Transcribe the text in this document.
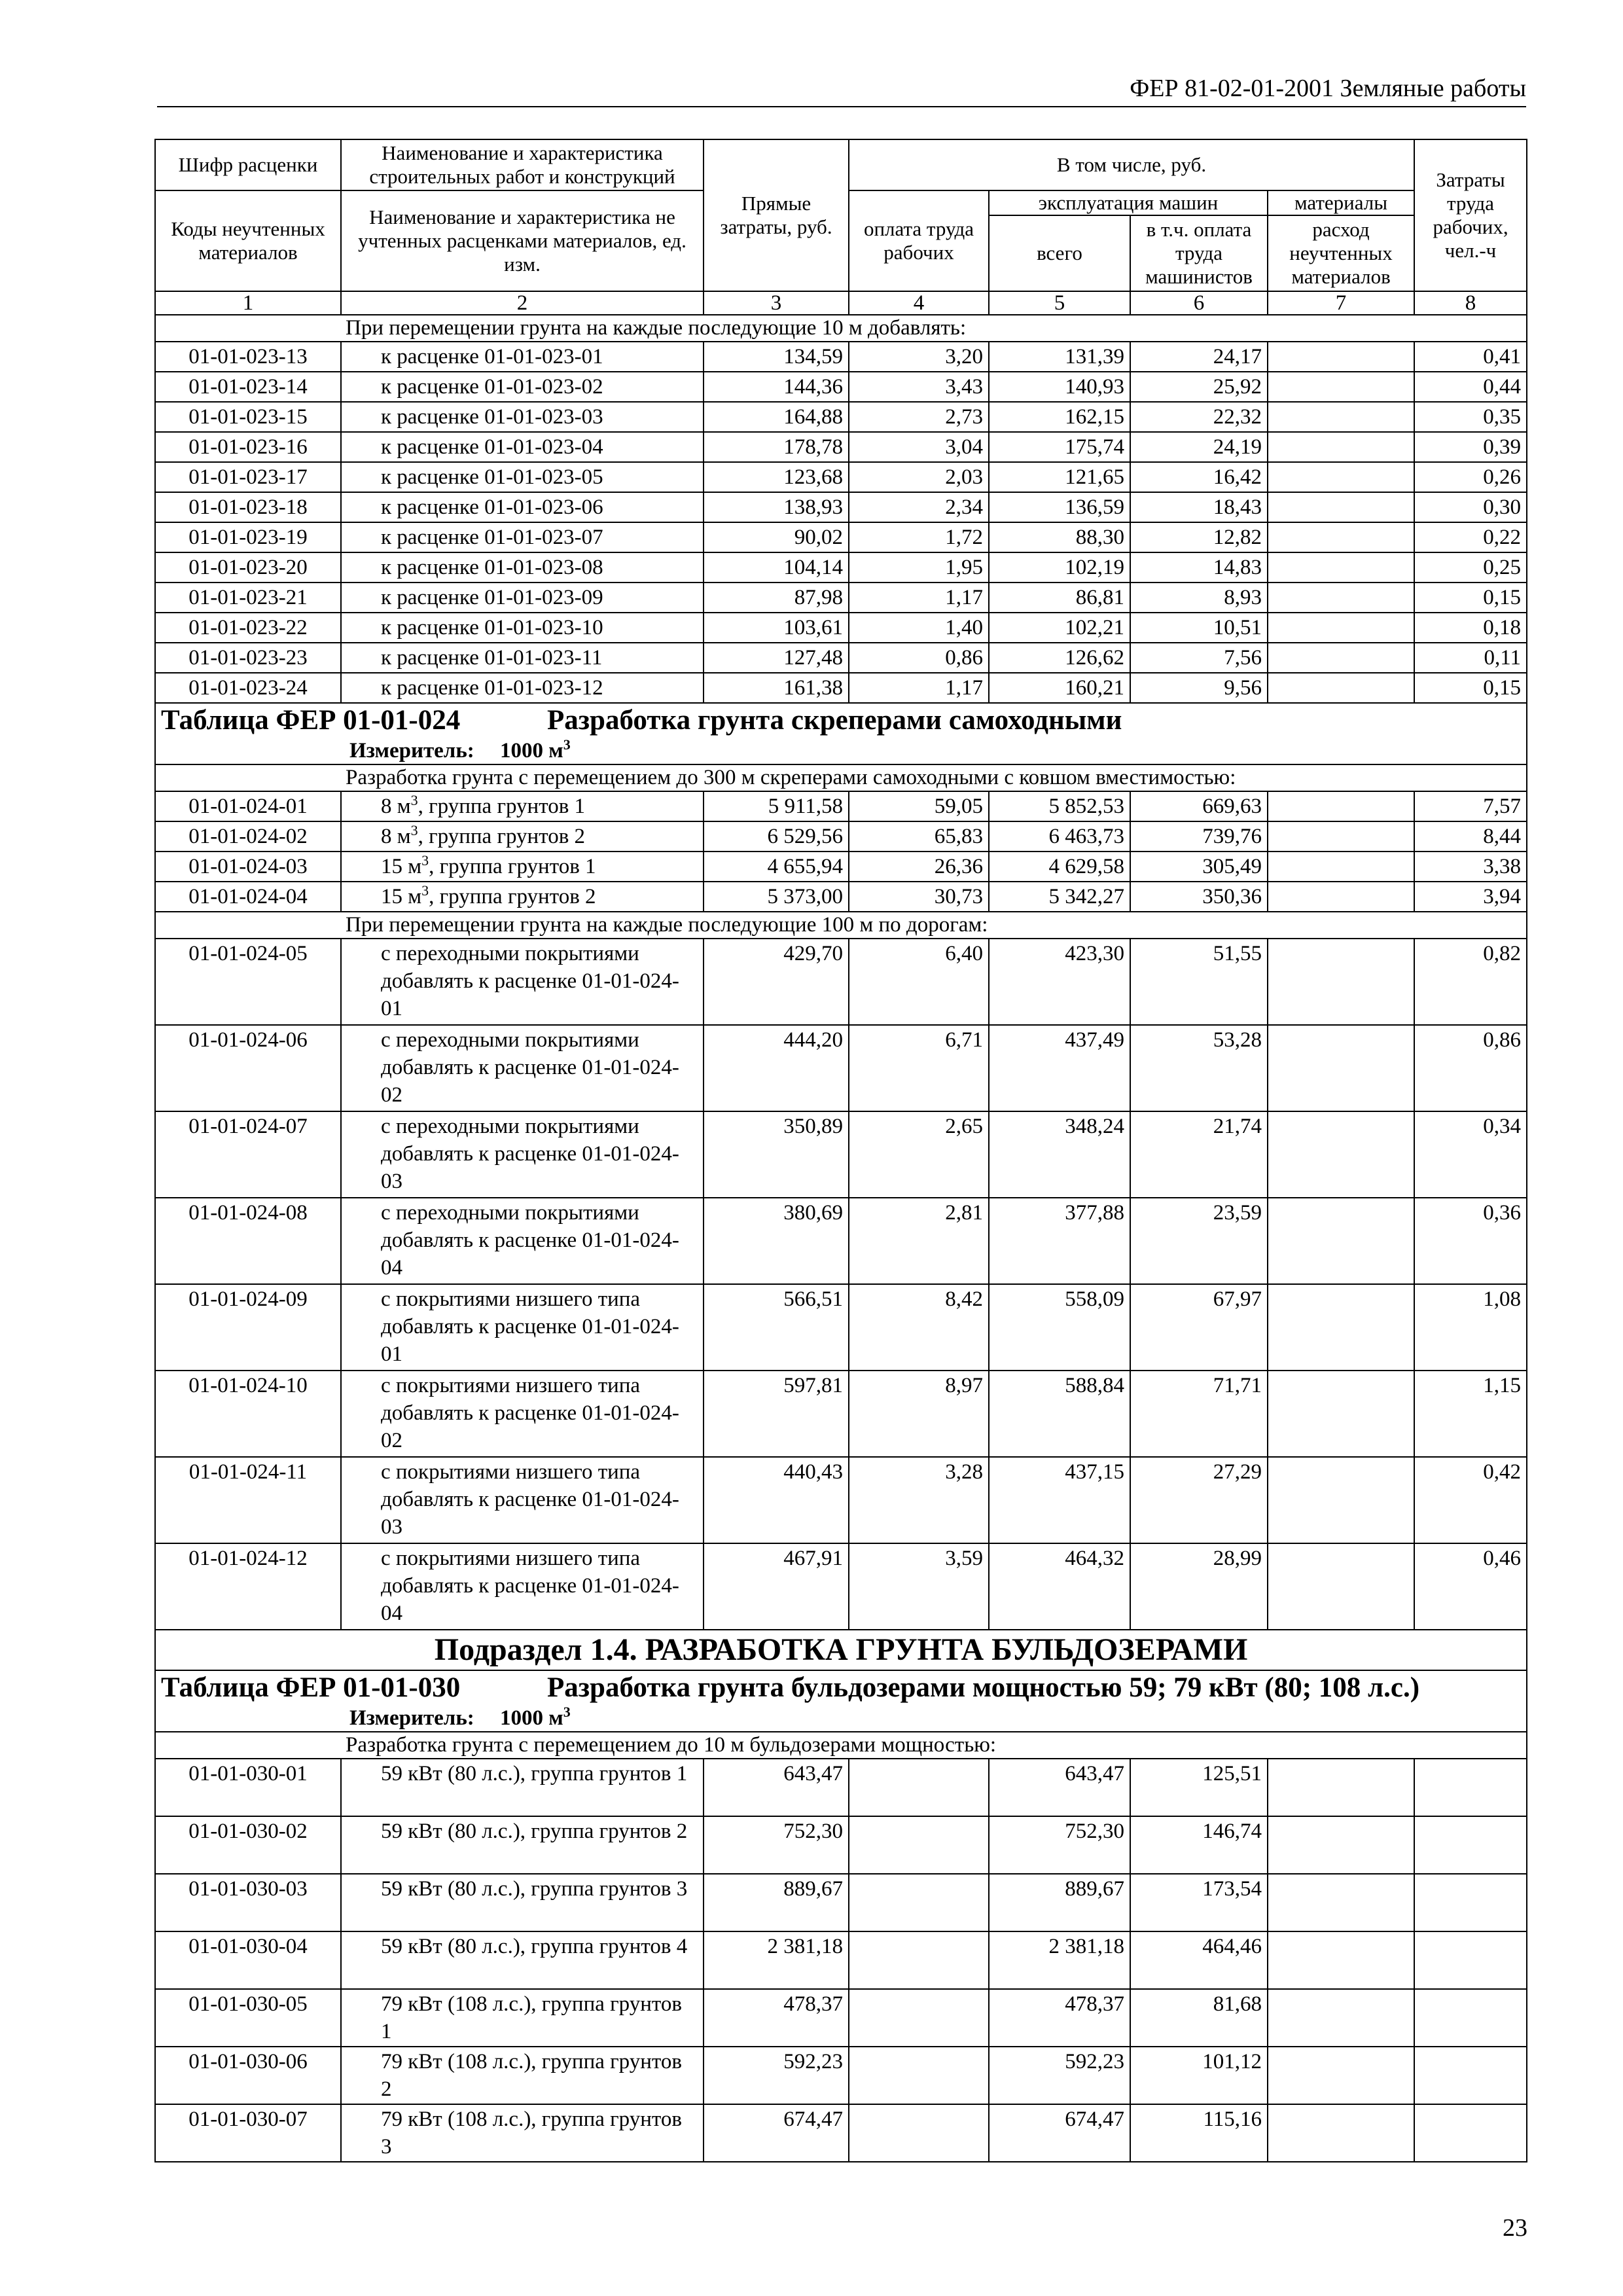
ФЕР 81-02-01-2001 Земляные работы
Шифр расценки	Наименование и характеристика строительных работ и конструкций	Прямые затраты, руб.	В том числе, руб.				Затраты труда рабочих, чел.-ч
Коды неучтенных материалов	Наименование и характеристика не учтенных расценками материалов, ед. изм.		оплата труда рабочих	эксплуатация машин		материалы	
				всего	в т.ч. оплата труда машинистов	расход неучтенных материалов	
1	2	3	4	5	6	7	8
При перемещении грунта на каждые последующие 10 м добавлять:							
01-01-023-13	к расценке 01-01-023-01	134,59	3,20	131,39	24,17		0,41
01-01-023-14	к расценке 01-01-023-02	144,36	3,43	140,93	25,92		0,44
01-01-023-15	к расценке 01-01-023-03	164,88	2,73	162,15	22,32		0,35
01-01-023-16	к расценке 01-01-023-04	178,78	3,04	175,74	24,19		0,39
01-01-023-17	к расценке 01-01-023-05	123,68	2,03	121,65	16,42		0,26
01-01-023-18	к расценке 01-01-023-06	138,93	2,34	136,59	18,43		0,30
01-01-023-19	к расценке 01-01-023-07	90,02	1,72	88,30	12,82		0,22
01-01-023-20	к расценке 01-01-023-08	104,14	1,95	102,19	14,83		0,25
01-01-023-21	к расценке 01-01-023-09	87,98	1,17	86,81	8,93		0,15
01-01-023-22	к расценке 01-01-023-10	103,61	1,40	102,21	10,51		0,18
01-01-023-23	к расценке 01-01-023-11	127,48	0,86	126,62	7,56		0,11
01-01-023-24	к расценке 01-01-023-12	161,38	1,17	160,21	9,56		0,15
Таблица ФЕР 01-01-024 Разработка грунта скреперами самоходными
Измеритель: 1000 $м^3$

Разработка грунта с перемещением до 300 м скреперами самоходными с ковшом вместимостью:							
01-01-024-01	8 $м^3$, группа грунтов 1	5 911,58	59,05	5 852,53	669,63		7,57
01-01-024-02	8 $м^3$, группа грунтов 2	6 529,56	65,83	6 463,73	739,76		8,44
01-01-024-03	15 $м^3$, группа грунтов 1	4 655,94	26,36	4 629,58	305,49		3,38
01-01-024-04	15 $м^3$, группа грунтов 2	5 373,00	30,73	5 342,27	350,36		3,94
При перемещении грунта на каждые последующие 100 м по дорогам:							
01-01-024-05	с переходными покрытиями добавлять к расценке 01-01-024-01	429,70	6,40	423,30	51,55		0,82
01-01-024-06	с переходными покрытиями добавлять к расценке 01-01-024-02	444,20	6,71	437,49	53,28		0,86
01-01-024-07	с переходными покрытиями добавлять к расценке 01-01-024-03	350,89	2,65	348,24	21,74		0,34
01-01-024-08	с переходными покрытиями добавлять к расценке 01-01-024-04	380,69	2,81	377,88	23,59		0,36
01-01-024-09	с покрытиями низшего типа добавлять к расценке 01-01-024-01	566,51	8,42	558,09	67,97		1,08
01-01-024-10	с покрытиями низшего типа добавлять к расценке 01-01-024-02	597,81	8,97	588,84	71,71		1,15
01-01-024-11	с покрытиями низшего типа добавлять к расценке 01-01-024-03	440,43	3,28	437,15	27,29		0,42
01-01-024-12	с покрытиями низшего типа добавлять к расценке 01-01-024-04	467,91	3,59	464,32	28,99		0,46
Подраздел 1.4. РАЗРАБОТКА ГРУНТА БУЛЬДОЗЕРАМИ							
Таблица ФЕР 01-01-030 Разработка грунта бульдозерами мощностью 59; 79 кВт (80; 108 л.с.)
Измеритель: 1000 $м^3$

Разработка грунта с перемещением до 10 м бульдозерами мощностью:							
01-01-030-01	59 кВт (80 л.с.), группа грунтов 1	643,47		643,47	125,51		
01-01-030-02	59 кВт (80 л.с.), группа грунтов 2	752,30		752,30	146,74		
01-01-030-03	59 кВт (80 л.с.), группа грунтов 3	889,67		889,67	173,54		
01-01-030-04	59 кВт (80 л.с.), группа грунтов 4	2 381,18		2 381,18	464,46		
01-01-030-05	79 кВт (108 л.с.), группа грунтов 1	478,37		478,37	81,68		
01-01-030-06	79 кВт (108 л.с.), группа грунтов 2	592,23		592,23	101,12		
01-01-030-07	79 кВт (108 л.с.), группа грунтов 3	674,47		674,47	115,16		
23
